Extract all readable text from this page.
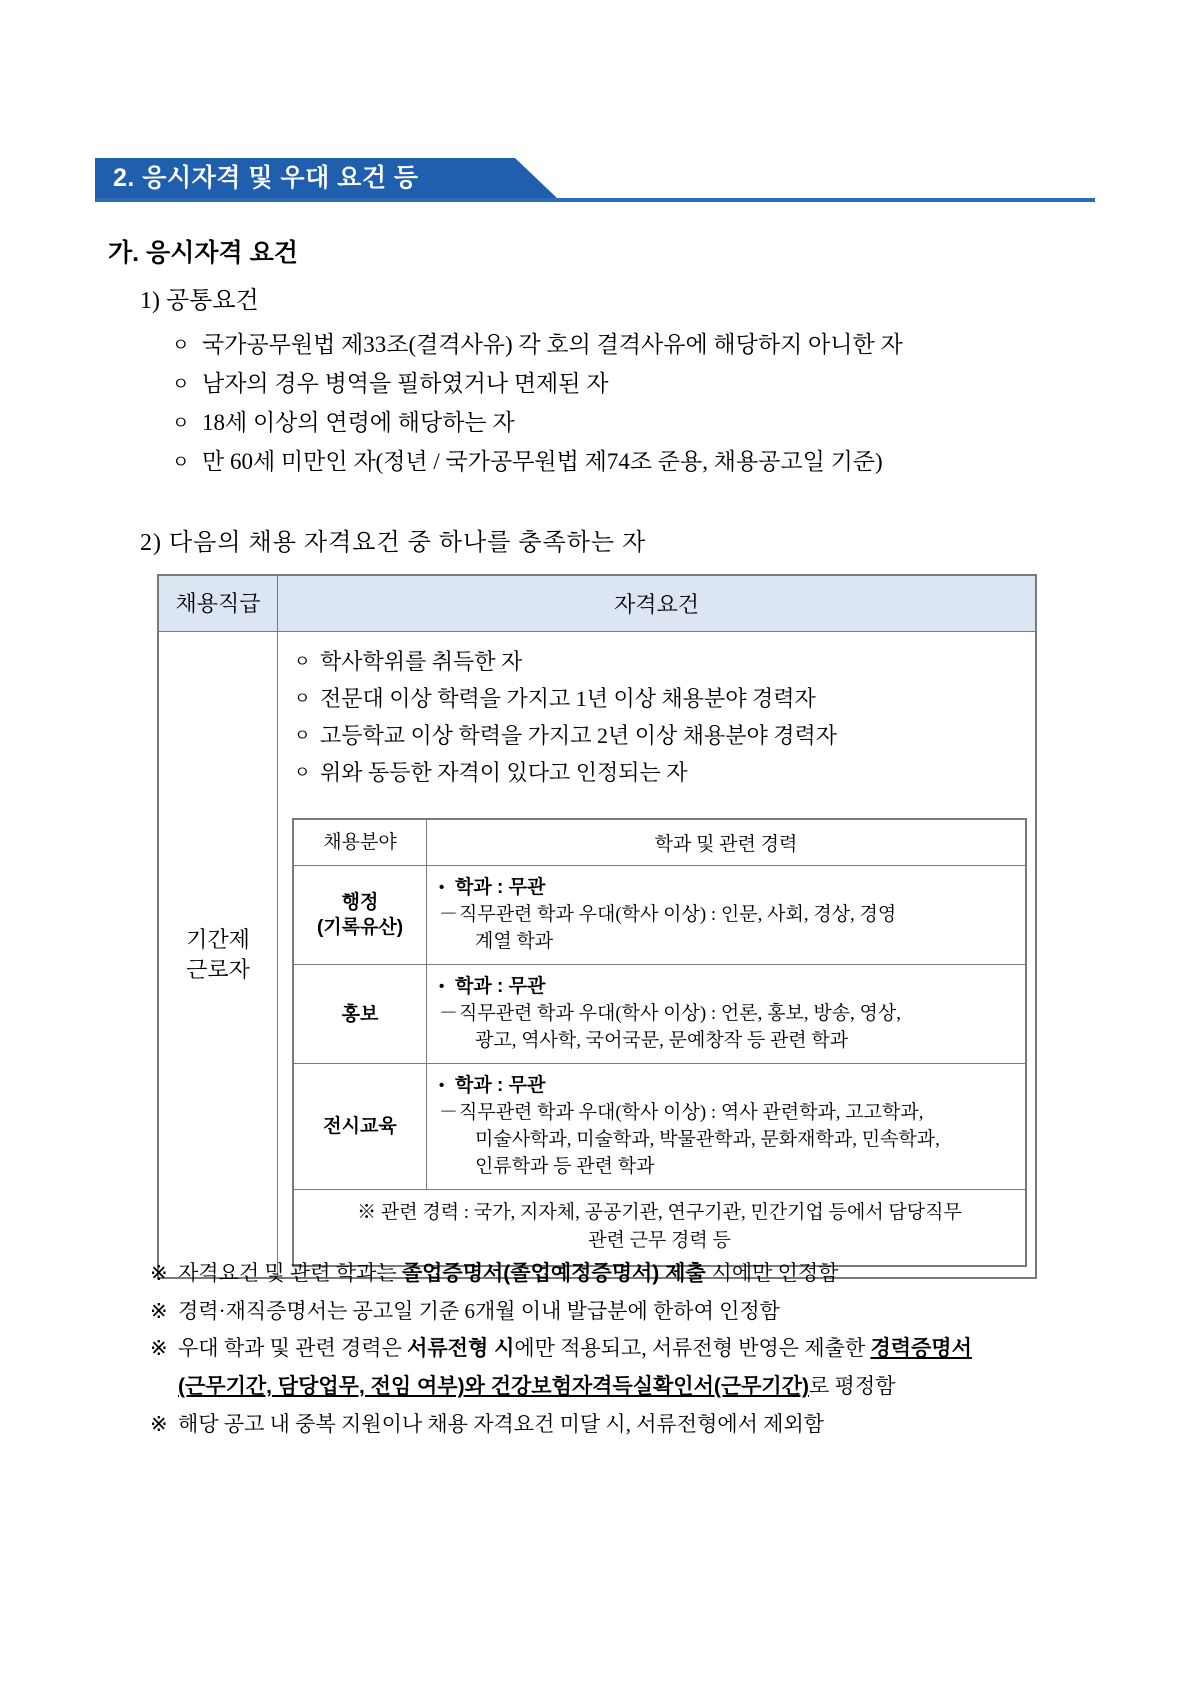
2. 응시자격 및 우대 요건 등
가. 응시자격 요건
1) 공통요건
ㅇ 국가공무원법 제33조(결격사유) 각 호의 결격사유에 해당하지 아니한 자
ㅇ 남자의 경우 병역을 필하였거나 면제된 자
ㅇ 18세 이상의 연령에 해당하는 자
ㅇ 만 60세 미만인 자(정년 / 국가공무원법 제74조 준용, 채용공고일 기준)
2) 다음의 채용 자격요건 중 하나를 충족하는 자
채용직급	자격요건

기간제
근로자

ㅇ 학사학위를 취득한 자
ㅇ 전문대 이상 학력을 가지고 1년 이상 채용분야 경력자
ㅇ 고등학교 이상 학력을 가지고 2년 이상 채용분야 경력자
ㅇ 위와 동등한 자격이 있다고 인정되는 자
채용분야	학과 및 관련 경력

행정
(기록유산)

• 학과 : 무관
－ 직무관련 학과 우대(학사 이상) : 인문, 사회, 경상, 경영
계열 학과

홍보

• 학과 : 무관
－ 직무관련 학과 우대(학사 이상) : 언론, 홍보, 방송, 영상,
광고, 역사학, 국어국문, 문예창작 등 관련 학과

전시교육

• 학과 : 무관
－ 직무관련 학과 우대(학사 이상) : 역사 관련학과, 고고학과,
미술사학과, 미술학과, 박물관학과, 문화재학과, 민속학과,
인류학과 등 관련 학과

※ 관련 경력 : 국가, 지자체, 공공기관, 연구기관, 민간기업 등에서 담당직무
관련 근무 경력 등
※ 자격요건 및 관련 학과는 졸업증명서(졸업예정증명서) 제출 시에만 인정함
※ 경력·재직증명서는 공고일 기준 6개월 이내 발급분에 한하여 인정함
※ 우대 학과 및 관련 경력은 서류전형 시에만 적용되고, 서류전형 반영은 제출한 경력증명서
(근무기간, 담당업무, 전임 여부)와 건강보험자격득실확인서(근무기간)로 평정함
※ 해당 공고 내 중복 지원이나 채용 자격요건 미달 시, 서류전형에서 제외함
